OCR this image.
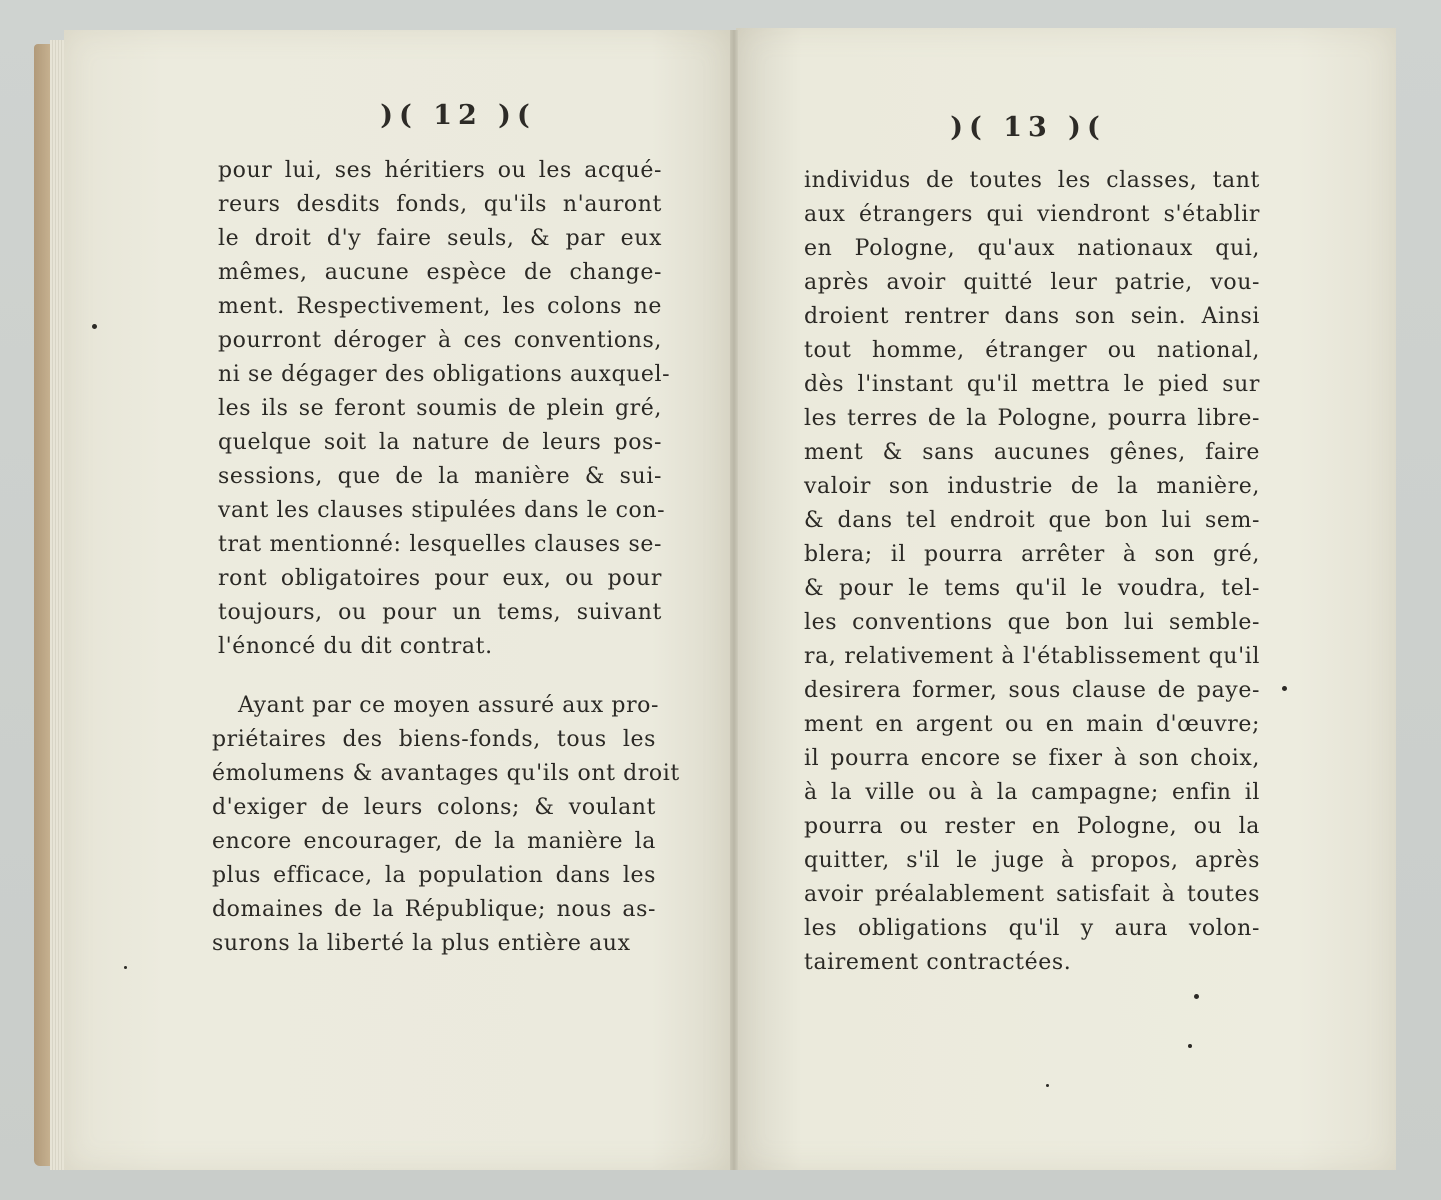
)( 12 )(	)( 13 )(
pour lui, ses héritiers ou les acqué-
reurs desdits fonds, qu'ils n'auront
le droit d'y faire seuls, & par eux
mêmes, aucune espèce de change-
ment. Respectivement, les colons ne
pourront déroger à ces conventions,
ni se dégager des obligations auxquel-
les ils se feront soumis de plein gré,
quelque soit la nature de leurs pos-
sessions, que de la manière & sui-
vant les clauses stipulées dans le con-
trat mentionné: lesquelles clauses se-
ront obligatoires pour eux, ou pour
toujours, ou pour un tems, suivant
l'énoncé du dit contrat.
Ayant par ce moyen assuré aux pro-
priétaires des biens-fonds, tous les
émolumens & avantages qu'ils ont droit
d'exiger de leurs colons; & voulant
encore encourager, de la manière la
plus efficace, la population dans les
domaines de la République; nous as-
surons la liberté la plus entière aux
individus de toutes les classes, tant
aux étrangers qui viendront s'établir
en Pologne, qu'aux nationaux qui,
après avoir quitté leur patrie, vou-
droient rentrer dans son sein. Ainsi
tout homme, étranger ou national,
dès l'instant qu'il mettra le pied sur
les terres de la Pologne, pourra libre-
ment & sans aucunes gênes, faire
valoir son industrie de la manière,
& dans tel endroit que bon lui sem-
blera; il pourra arrêter à son gré,
& pour le tems qu'il le voudra, tel-
les conventions que bon lui semble-
ra, relativement à l'établissement qu'il
desirera former, sous clause de paye-
ment en argent ou en main d'œuvre;
il pourra encore se fixer à son choix,
à la ville ou à la campagne; enfin il
pourra ou rester en Pologne, ou la
quitter, s'il le juge à propos, après
avoir préalablement satisfait à toutes
les obligations qu'il y aura volon-
tairement contractées.
